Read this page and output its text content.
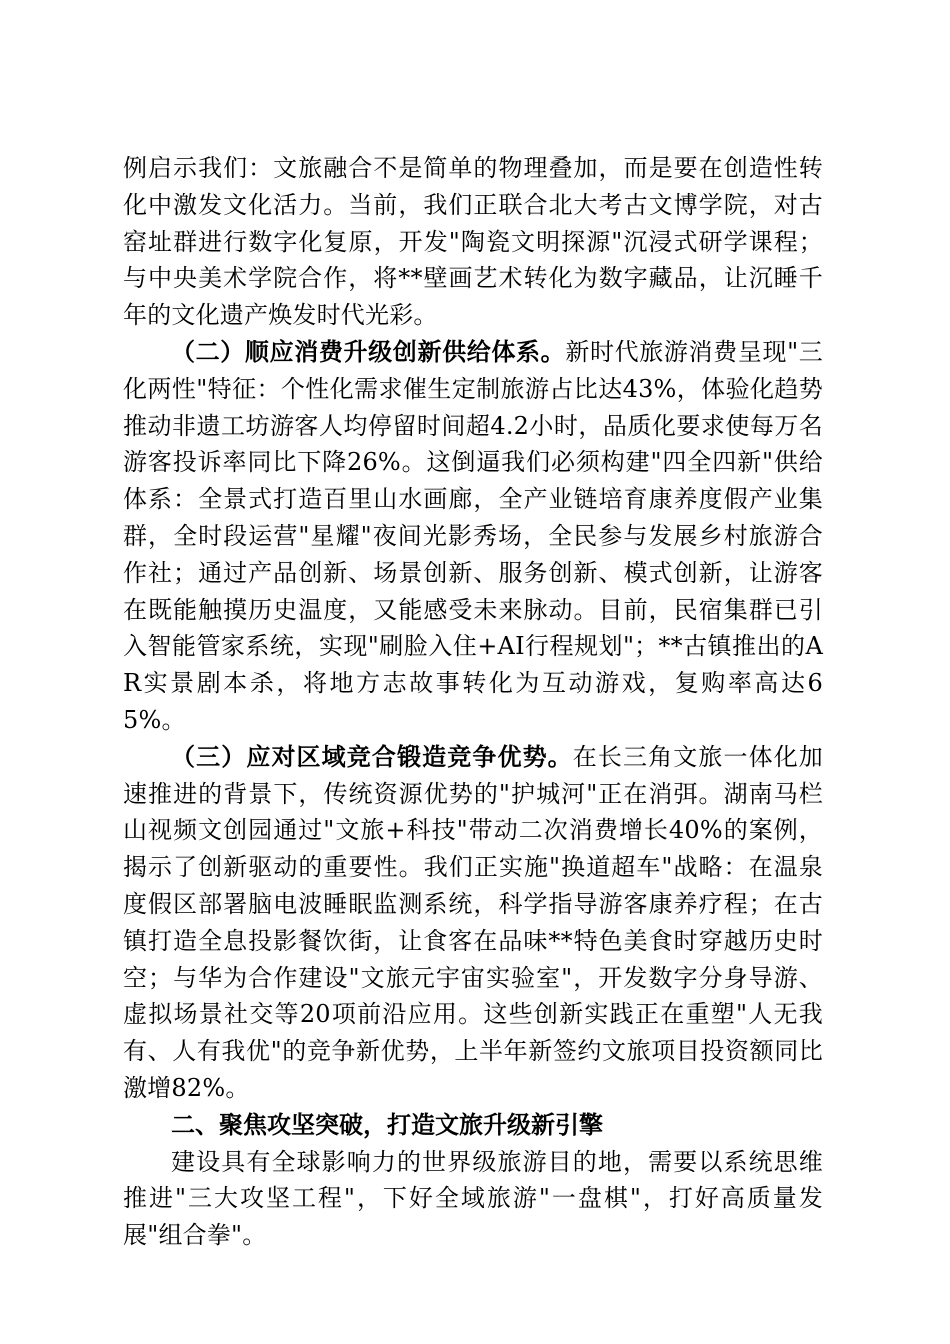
例启示我们：文旅融合不是简单的物理叠加，而是要在创造性转化中激发文化活力。当前，我们正联合北大考古文博学院，对古窑址群进行数字化复原，开发"陶瓷文明探源"沉浸式研学课程；与中央美术学院合作，将**壁画艺术转化为数字藏品，让沉睡千年的文化遗产焕发时代光彩。

（二）顺应消费升级创新供给体系。新时代旅游消费呈现"三化两性"特征：个性化需求催生定制旅游占比达43%，体验化趋势推动非遗工坊游客人均停留时间超4.2小时，品质化要求使每万名游客投诉率同比下降26%。这倒逼我们必须构建"四全四新"供给体系：全景式打造百里山水画廊，全产业链培育康养度假产业集群，全时段运营"星耀"夜间光影秀场，全民参与发展乡村旅游合作社；通过产品创新、场景创新、服务创新、模式创新，让游客在既能触摸历史温度，又能感受未来脉动。目前，民宿集群已引入智能管家系统，实现"刷脸入住+AI行程规划"；**古镇推出的AR实景剧本杀，将地方志故事转化为互动游戏，复购率高达65%。

（三）应对区域竞合锻造竞争优势。在长三角文旅一体化加速推进的背景下，传统资源优势的"护城河"正在消弭。湖南马栏山视频文创园通过"文旅+科技"带动二次消费增长40%的案例，揭示了创新驱动的重要性。我们正实施"换道超车"战略：在温泉度假区部署脑电波睡眠监测系统，科学指导游客康养疗程；在古镇打造全息投影餐饮街，让食客在品味**特色美食时穿越历史时空；与华为合作建设"文旅元宇宙实验室"，开发数字分身导游、虚拟场景社交等20项前沿应用。这些创新实践正在重塑"人无我有、人有我优"的竞争新优势，上半年新签约文旅项目投资额同比激增82%。

二、聚焦攻坚突破，打造文旅升级新引擎

建设具有全球影响力的世界级旅游目的地，需要以系统思维推进"三大攻坚工程"，下好全域旅游"一盘棋"，打好高质量发展"组合拳"。
